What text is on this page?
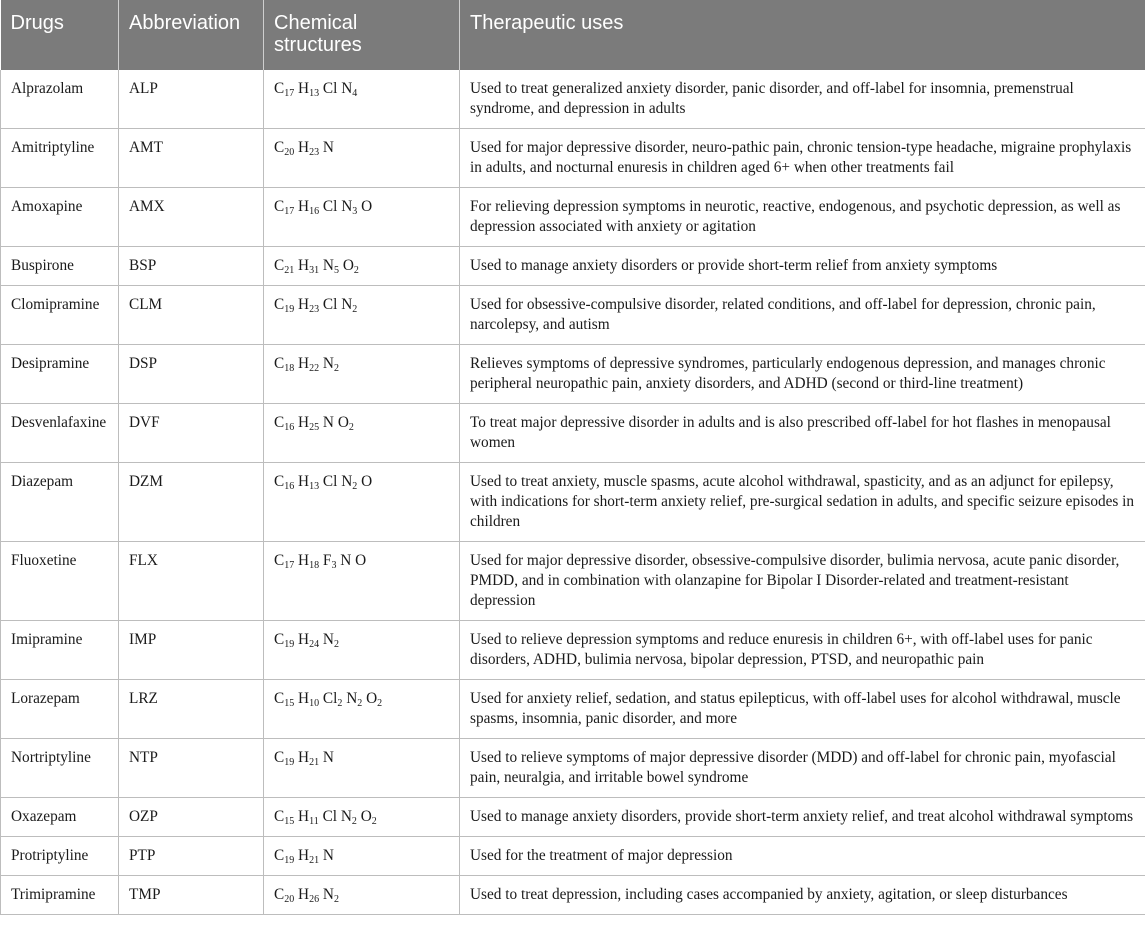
Drugs	Abbreviation	Chemical structures	Therapeutic uses
Alprazolam	ALP	$C_{17}$ $H_{13}$ Cl $N_4$	Used to treat generalized anxiety disorder, panic disorder, and off-label for insomnia, premenstrual syndrome, and depression in adults
Amitriptyline	AMT	$C_{20}$ $H_{23}$ N	Used for major depressive disorder, neuro-pathic pain, chronic tension-type headache, migraine prophylaxis in adults, and nocturnal enuresis in children aged 6+ when other treatments fail
Amoxapine	AMX	$C_{17}$ $H_{16}$ Cl $N_3$ O	For relieving depression symptoms in neurotic, reactive, endogenous, and psychotic depression, as well as depression associated with anxiety or agitation
Buspirone	BSP	$C_{21}$ $H_{31}$ $N_5$ $O_2$	Used to manage anxiety disorders or provide short-term relief from anxiety symptoms
Clomipramine	CLM	$C_{19}$ $H_{23}$ Cl $N_2$	Used for obsessive-compulsive disorder, related conditions, and off-label for depression, chronic pain, narcolepsy, and autism
Desipramine	DSP	$C_{18}$ $H_{22}$ $N_2$	Relieves symptoms of depressive syndromes, particularly endogenous depression, and manages chronic peripheral neuropathic pain, anxiety disorders, and ADHD (second or third-line treatment)
Desvenlafaxine	DVF	$C_{16}$ $H_{25}$ N $O_2$	To treat major depressive disorder in adults and is also prescribed off-label for hot flashes in menopausal women
Diazepam	DZM	$C_{16}$ $H_{13}$ Cl $N_2$ O	Used to treat anxiety, muscle spasms, acute alcohol withdrawal, spasticity, and as an adjunct for epilepsy, with indications for short-term anxiety relief, pre-surgical sedation in adults, and specific seizure episodes in children
Fluoxetine	FLX	$C_{17}$ $H_{18}$ $F_3$ N O	Used for major depressive disorder, obsessive-compulsive disorder, bulimia nervosa, acute panic disorder, PMDD, and in combination with olanzapine for Bipolar I Disorder-related and treatment-resistant depression
Imipramine	IMP	$C_{19}$ $H_{24}$ $N_2$	Used to relieve depression symptoms and reduce enuresis in children 6+, with off-label uses for panic disorders, ADHD, bulimia nervosa, bipolar depression, PTSD, and neuropathic pain
Lorazepam	LRZ	$C_{15}$ $H_{10}$ $Cl_2$ $N_2$ $O_2$	Used for anxiety relief, sedation, and status epilepticus, with off-label uses for alcohol withdrawal, muscle spasms, insomnia, panic disorder, and more
Nortriptyline	NTP	$C_{19}$ $H_{21}$ N	Used to relieve symptoms of major depressive disorder (MDD) and off-label for chronic pain, myofascial pain, neuralgia, and irritable bowel syndrome
Oxazepam	OZP	$C_{15}$ $H_{11}$ Cl $N_2$ $O_2$	Used to manage anxiety disorders, provide short-term anxiety relief, and treat alcohol withdrawal symptoms
Protriptyline	PTP	$C_{19}$ $H_{21}$ N	Used for the treatment of major depression
Trimipramine	TMP	$C_{20}$ $H_{26}$ $N_2$	Used to treat depression, including cases accompanied by anxiety, agitation, or sleep disturbances
